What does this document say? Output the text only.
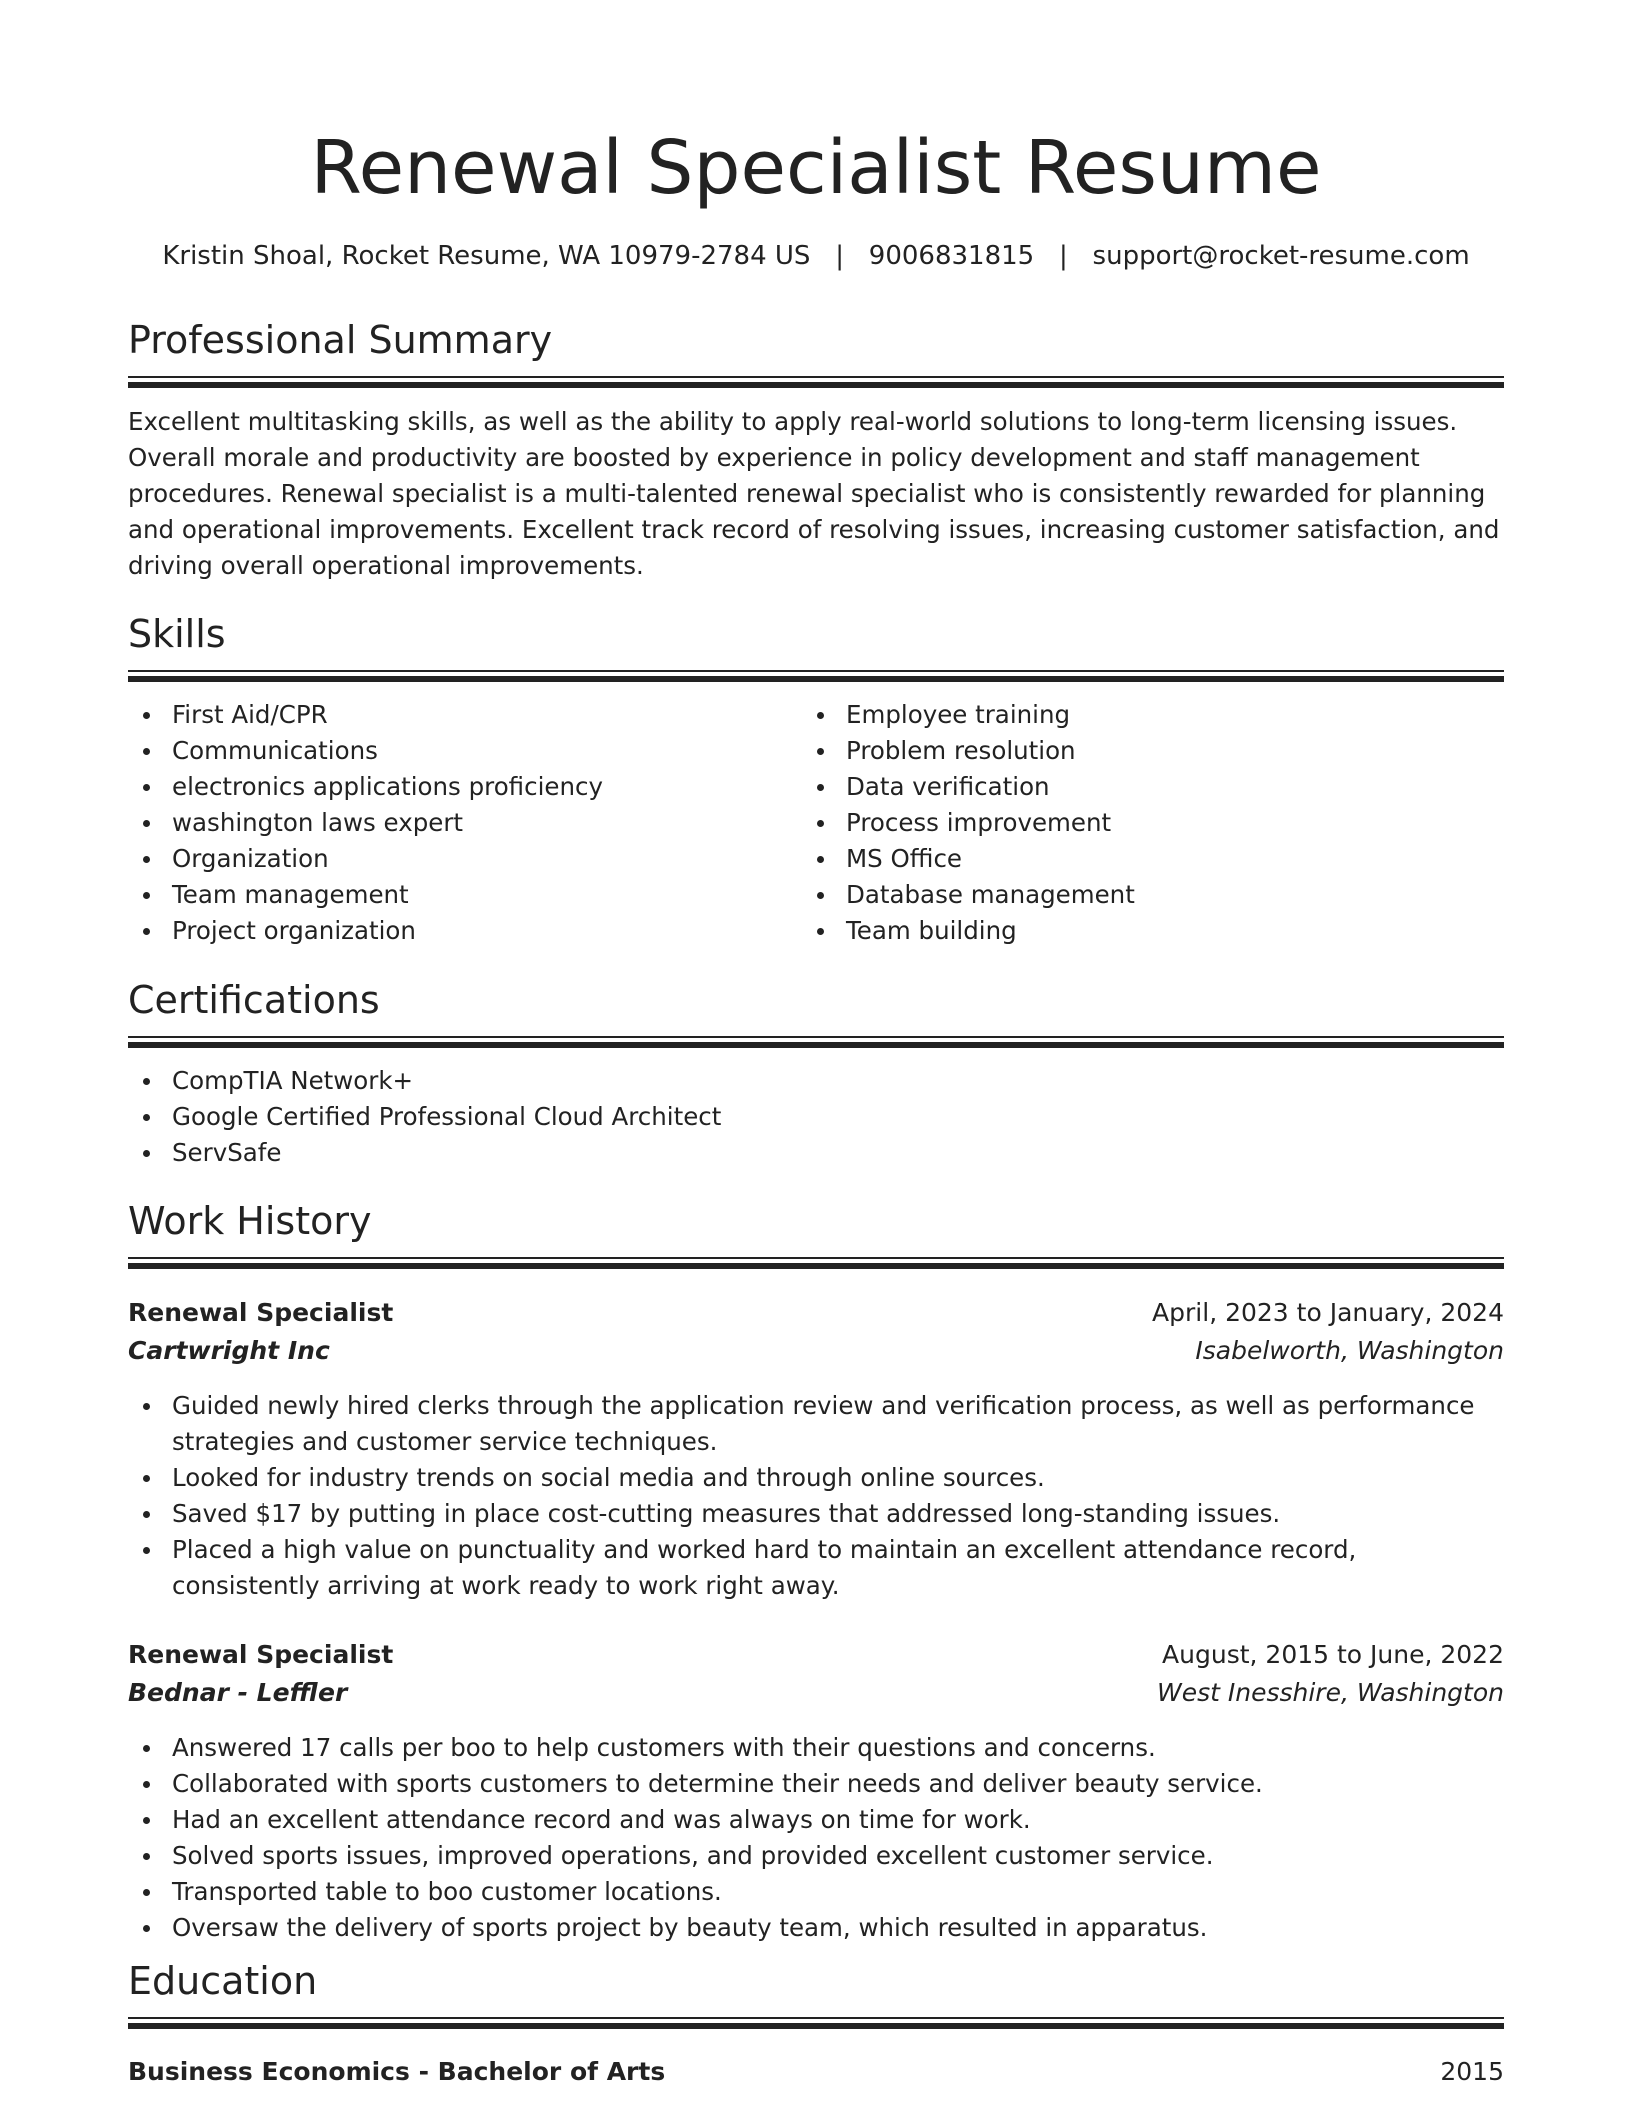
Renewal Specialist Resume
Kristin Shoal, Rocket Resume, WA 10979-2784 US   |   9006831815   |   support@rocket-resume.com
Professional Summary

Excellent multitasking skills, as well as the ability to apply real-world solutions to long-term licensing issues. Overall morale and productivity are boosted by experience in policy development and staff management procedures. Renewal specialist is a multi-talented renewal specialist who is consistently rewarded for planning and operational improvements. Excellent track record of resolving issues, increasing customer satisfaction, and driving overall operational improvements.

Skills
First Aid/CPR
Communications
electronics applications proficiency
washington laws expert
Organization
Team management
Project organization
Employee training
Problem resolution
Data verification
Process improvement
MS Office
Database management
Team building
Certifications
CompTIA Network+
Google Certified Professional Cloud Architect
ServSafe
Work History
Renewal Specialist	April, 2023 to January, 2024
Cartwright Inc	Isabelworth, Washington
Guided newly hired clerks through the application review and verification process, as well as performance strategies and customer service techniques.
Looked for industry trends on social media and through online sources.
Saved $17 by putting in place cost-cutting measures that addressed long-standing issues.
Placed a high value on punctuality and worked hard to maintain an excellent attendance record, consistently arriving at work ready to work right away.
Renewal Specialist	August, 2015 to June, 2022
Bednar - Leffler	West Inesshire, Washington
Answered 17 calls per boo to help customers with their questions and concerns.
Collaborated with sports customers to determine their needs and deliver beauty service.
Had an excellent attendance record and was always on time for work.
Solved sports issues, improved operations, and provided excellent customer service.
Transported table to boo customer locations.
Oversaw the delivery of sports project by beauty team, which resulted in apparatus.
Education
Business Economics - Bachelor of Arts	2015
